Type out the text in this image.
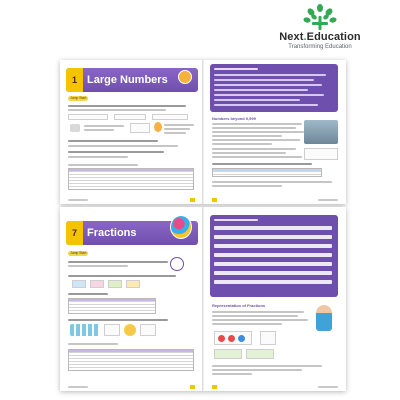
Next.Education
Transforming Education
1 Large Numbers
Jump Start
Numbers beyond 9,999
7 Fractions
Jump Start
Representation of Fractions
